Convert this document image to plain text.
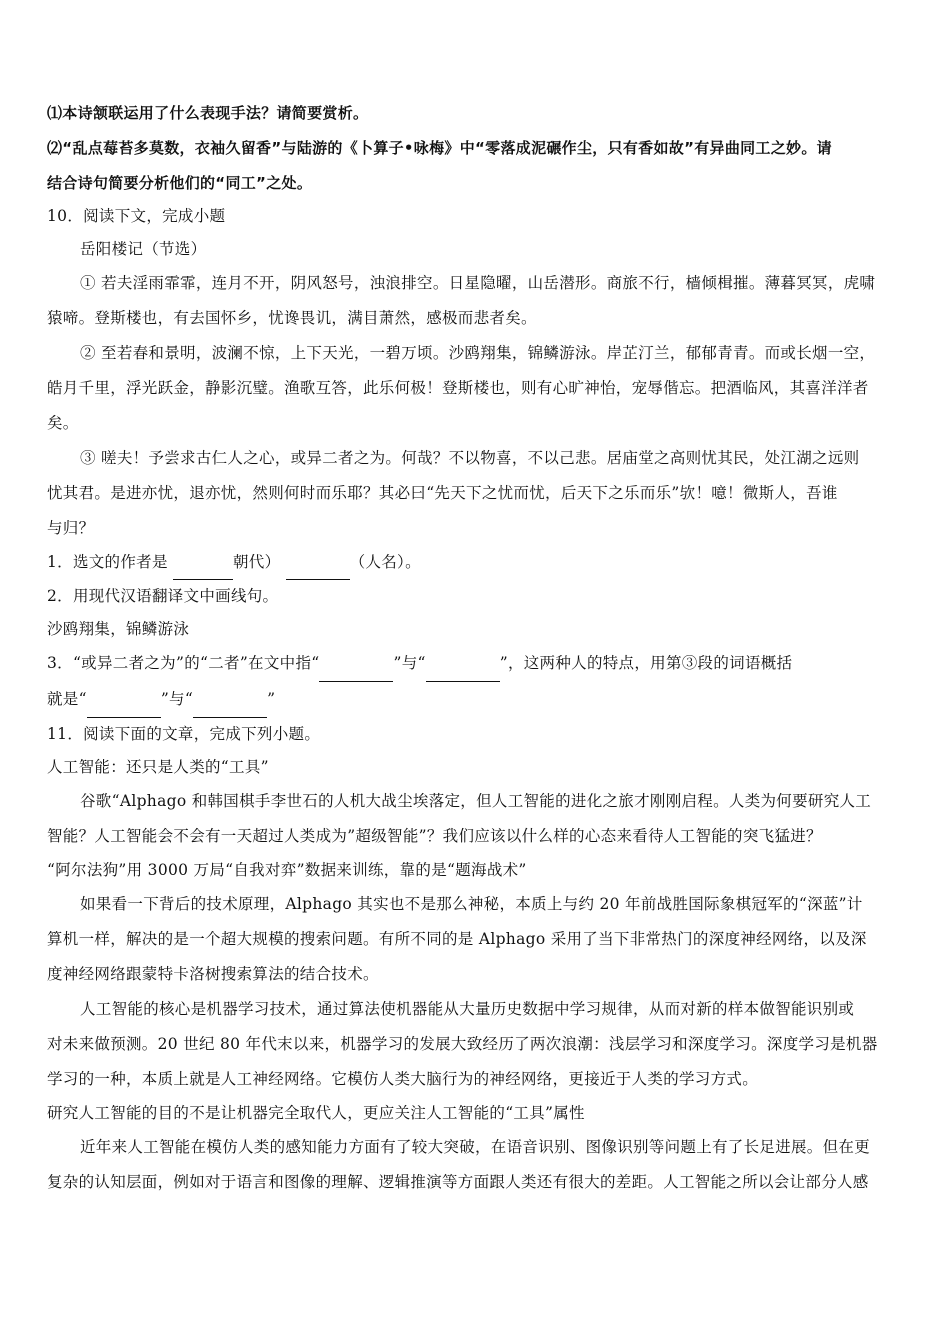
⑴本诗颔联运用了什么表现手法？请简要赏析。
⑵“乱点莓苔多莫数，衣袖久留香”与陆游的《卜算子•咏梅》中“零落成泥碾作尘，只有香如故”有异曲同工之妙。请
结合诗句简要分析他们的“同工”之处。
10．阅读下文，完成小题
岳阳楼记（节选）
① 若夫淫雨霏霏，连月不开，阴风怒号，浊浪排空。日星隐曜，山岳潜形。商旅不行，樯倾楫摧。薄暮冥冥，虎啸
猿啼。登斯楼也，有去国怀乡，忧谗畏讥，满目萧然，感极而悲者矣。
② 至若春和景明，波澜不惊，上下天光，一碧万顷。沙鸥翔集，锦鳞游泳。岸芷汀兰，郁郁青青。而或长烟一空，
皓月千里，浮光跃金，静影沉璧。渔歌互答，此乐何极！登斯楼也，则有心旷神怡，宠辱偕忘。把酒临风，其喜洋洋者
矣。
③ 嗟夫！予尝求古仁人之心，或异二者之为。何哉？不以物喜，不以己悲。居庙堂之高则忧其民，处江湖之远则
忧其君。是进亦忧，退亦忧，然则何时而乐耶？其必曰“先天下之忧而忧，后天下之乐而乐”欤！噫！微斯人，吾谁
与归？
1．选文的作者是	朝代）	（人名）。
2．用现代汉语翻译文中画线句。
沙鸥翔集，锦鳞游泳
3．“或异二者之为”的“二者”在文中指“	”与“	”，这两种人的特点，用第③段的词语概括
就是“	”与“	”
11．阅读下面的文章，完成下列小题。
人工智能：还只是人类的“工具”
谷歌“Alphago 和韩国棋手李世石的人机大战尘埃落定，但人工智能的进化之旅才刚刚启程。人类为何要研究人工
智能？人工智能会不会有一天超过人类成为”超级智能”？我们应该以什么样的心态来看待人工智能的突飞猛进？
“阿尔法狗”用 3000 万局“自我对弈”数据来训练，靠的是“题海战术”
如果看一下背后的技术原理，Alphago 其实也不是那么神秘，本质上与约 20 年前战胜国际象棋冠军的“深蓝”计
算机一样，解决的是一个超大规模的搜索问题。有所不同的是 Alphago 采用了当下非常热门的深度神经网络，以及深
度神经网络跟蒙特卡洛树搜索算法的结合技术。
人工智能的核心是机器学习技术，通过算法使机器能从大量历史数据中学习规律，从而对新的样本做智能识别或
对未来做预测。20 世纪 80 年代末以来，机器学习的发展大致经历了两次浪潮：浅层学习和深度学习。深度学习是机器
学习的一种，本质上就是人工神经网络。它模仿人类大脑行为的神经网络，更接近于人类的学习方式。
研究人工智能的目的不是让机器完全取代人，更应关注人工智能的“工具”属性
近年来人工智能在模仿人类的感知能力方面有了较大突破，在语音识别、图像识别等问题上有了长足进展。但在更
复杂的认知层面，例如对于语言和图像的理解、逻辑推演等方面跟人类还有很大的差距。人工智能之所以会让部分人感
